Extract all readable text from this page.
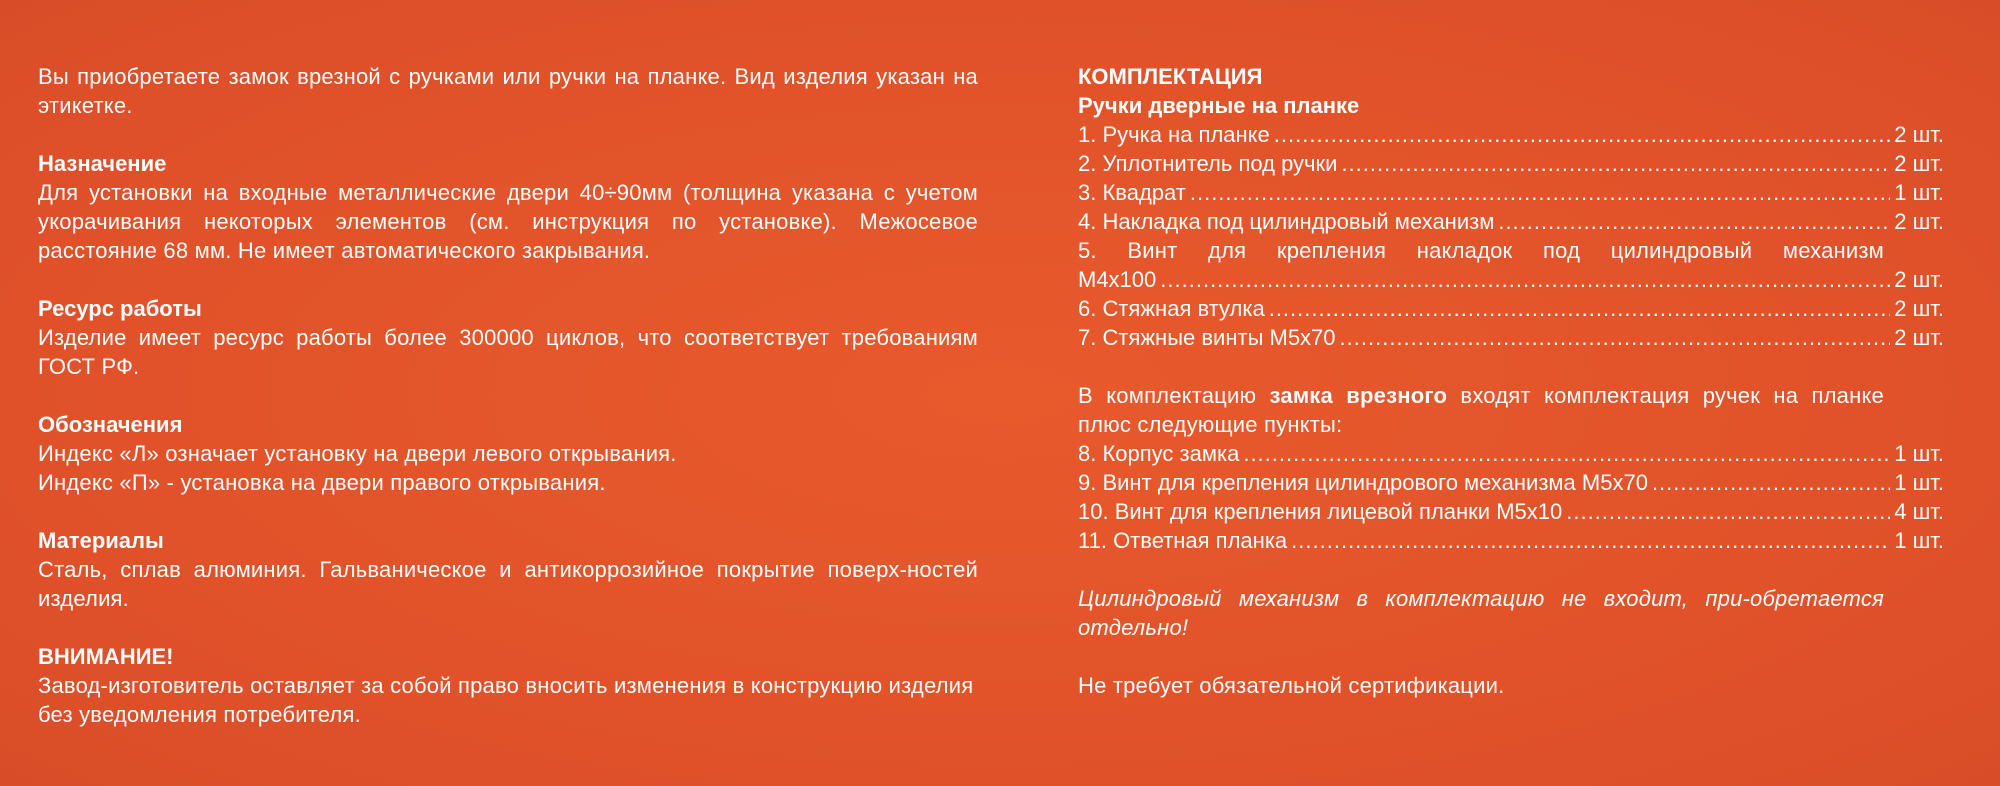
Вы приобретаете замок врезной с ручками или ручки на планке. Вид изделия указан на этикетке.

Назначение

Для установки на входные металлические двери 40÷90мм (толщина указана с учетом укорачивания некоторых элементов (см. инструкция по установке). Межосевое расстояние 68 мм. Не имеет автоматического закрывания.

Ресурс работы

Изделие имеет ресурс работы более 300000 циклов, что соответствует требованиям ГОСТ РФ.

Обозначения

Индекс «Л» означает установку на двери левого открывания.

Индекс «П» - установка на двери правого открывания.

Материалы

Сталь, сплав алюминия. Гальваническое и антикоррозийное покрытие поверх-ностей изделия.

ВНИМАНИЕ!

Завод-изготовитель оставляет за собой право вносить изменения в конструкцию изделия без уведомления потребителя.

КОМПЛЕКТАЦИЯ
Ручки дверные на планке
1. Ручка на планке .....	2 шт.
2. Уплотнитель под ручки .....	2 шт.
3. Квадрат .....	1 шт.
4. Накладка под цилиндровый механизм .....	2 шт.

5. Винт для крепления накладок под цилиндровый механизм

М4х100 .....	2 шт.
6. Стяжная втулка .....	2 шт.
7. Стяжные винты М5х70 .....	2 шт.

В комплектацию замка врезного входят комплектация ручек на планке плюс следующие пункты:

8. Корпус замка .....	1 шт.
9. Винт для крепления цилиндрового механизма М5х70 .....	1 шт.
10. Винт для крепления лицевой планки М5х10 .....	4 шт.
11. Ответная планка .....	1 шт.

Цилиндровый механизм в комплектацию не входит, при-обретается отдельно!

Не требует обязательной сертификации.
